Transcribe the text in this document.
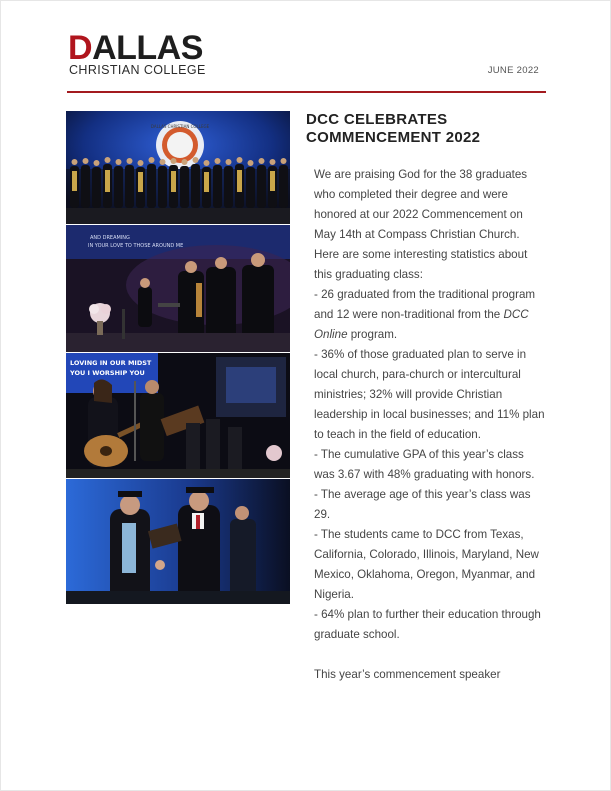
DALLAS
CHRISTIAN COLLEGE	JUNE 2022
DALLAS CHRISTIAN COLLEGE
AND DREAMING
IN YOUR LOVE TO THOSE AROUND ME
LOVING IN OUR MIDST
YOU I WORSHIP YOU
DCC CELEBRATES
COMMENCEMENT 2022

We are praising God for the 38 graduates who completed their degree and were honored at our 2022 Commencement on May 14th at Compass Christian Church. Here are some interesting statistics about this graduating class:

- 26 graduated from the traditional program and 12 were non-traditional from the DCC Online program.

- 36% of those graduated plan to serve in local church, para-church or intercultural ministries; 32% will provide Christian leadership in local businesses; and 11% plan to teach in the field of education.

- The cumulative GPA of this year’s class was 3.67 with 48% graduating with honors.

- The average age of this year’s class was 29.

- The students came to DCC from Texas, California, Colorado, Illinois, Maryland, New Mexico, Oklahoma, Oregon, Myanmar, and Nigeria.

- 64% plan to further their education through graduate school.

This year’s commencement speaker
